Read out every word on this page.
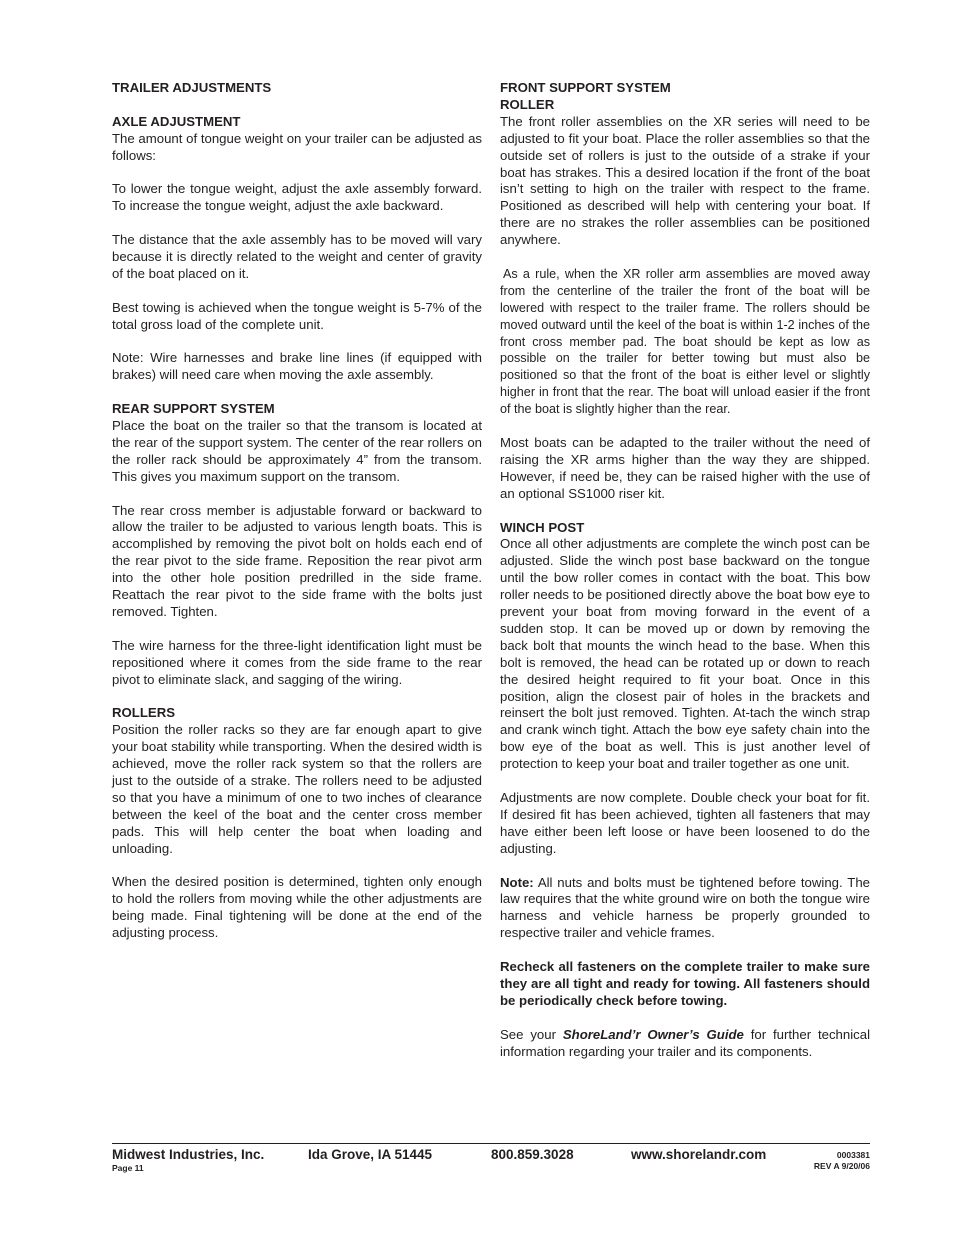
TRAILER ADJUSTMENTS

AXLE ADJUSTMENT

The amount of tongue weight on your trailer can be adjusted as follows:

To lower the tongue weight, adjust the axle assembly forward. To increase the tongue weight, adjust the axle backward.

The distance that the axle assembly has to be moved will vary because it is directly related to the weight and center of gravity of the boat placed on it.

Best towing is achieved when the tongue weight is 5-7% of the total gross load of the complete unit.

Note: Wire harnesses and brake line lines (if equipped with brakes) will need care when moving the axle assembly.

REAR SUPPORT SYSTEM

Place the boat on the trailer so that the transom is located at the rear of the support system. The center of the rear rollers on the roller rack should be approximately 4” from the transom. This gives you maximum support on the transom.

The rear cross member is adjustable forward or backward to allow the trailer to be adjusted to various length boats. This is accomplished by removing the pivot bolt on holds each end of the rear pivot to the side frame. Reposition the rear pivot arm into the other hole position predrilled in the side frame. Reattach the rear pivot to the side frame with the bolts just removed. Tighten.

The wire harness for the three-light identification light must be repositioned where it comes from the side frame to the rear pivot to eliminate slack, and sagging of the wiring.

ROLLERS

Position the roller racks so they are far enough apart to give your boat stability while transporting. When the desired width is achieved, move the roller rack system so that the rollers are just to the outside of a strake. The rollers need to be adjusted so that you have a minimum of one to two inches of clearance between the keel of the boat and the center cross member pads. This will help center the boat when loading and unloading.

When the desired position is determined, tighten only enough to hold the rollers from moving while the other adjustments are being made. Final tightening will be done at the end of the adjusting process.

FRONT SUPPORT SYSTEM
ROLLER

The front roller assemblies on the XR series will need to be adjusted to fit your boat. Place the roller assemblies so that the outside set of rollers is just to the outside of a strake if your boat has strakes. This a desired location if the front of the boat isn’t setting to high on the trailer with respect to the frame. Positioned as described will help with centering your boat. If there are no strakes the roller assemblies can be positioned anywhere.

As a rule, when the XR roller arm assemblies are moved away from the centerline of the trailer the front of the boat will be lowered with respect to the trailer frame. The rollers should be moved outward until the keel of the boat is within 1-2 inches of the front cross member pad. The boat should be kept as low as possible on the trailer for better towing but must also be positioned so that the front of the boat is either level or slightly higher in front that the rear. The boat will unload easier if the front of the boat is slightly higher than the rear.

Most boats can be adapted to the trailer without the need of raising the XR arms higher than the way they are shipped. However, if need be, they can be raised higher with the use of an optional SS1000 riser kit.

WINCH POST

Once all other adjustments are complete the winch post can be adjusted. Slide the winch post base backward on the tongue until the bow roller comes in contact with the boat. This bow roller needs to be positioned directly above the boat bow eye to prevent your boat from moving forward in the event of a sudden stop. It can be moved up or down by removing the back bolt that mounts the winch head to the base. When this bolt is removed, the head can be rotated up or down to reach the desired height required to fit your boat. Once in this position, align the closest pair of holes in the brackets and reinsert the bolt just removed. Tighten. At-tach the winch strap and crank winch tight. Attach the bow eye safety chain into the bow eye of the boat as well. This is just another level of protection to keep your boat and trailer together as one unit.

Adjustments are now complete. Double check your boat for fit. If desired fit has been achieved, tighten all fasteners that may have either been left loose or have been loosened to do the adjusting.

Note: All nuts and bolts must be tightened before towing. The law requires that the white ground wire on both the tongue wire harness and vehicle harness be properly grounded to respective trailer and vehicle frames.

Recheck all fasteners on the complete trailer to make sure they are all tight and ready for towing. All fasteners should be periodically check before towing.

See your ShoreLand’r Owner’s Guide for further technical information regarding your trailer and its components.

Midwest Industries, Inc.	Ida Grove, IA 51445	800.859.3028	www.shorelandr.com
Page 11
0003381
REV A 9/20/06
